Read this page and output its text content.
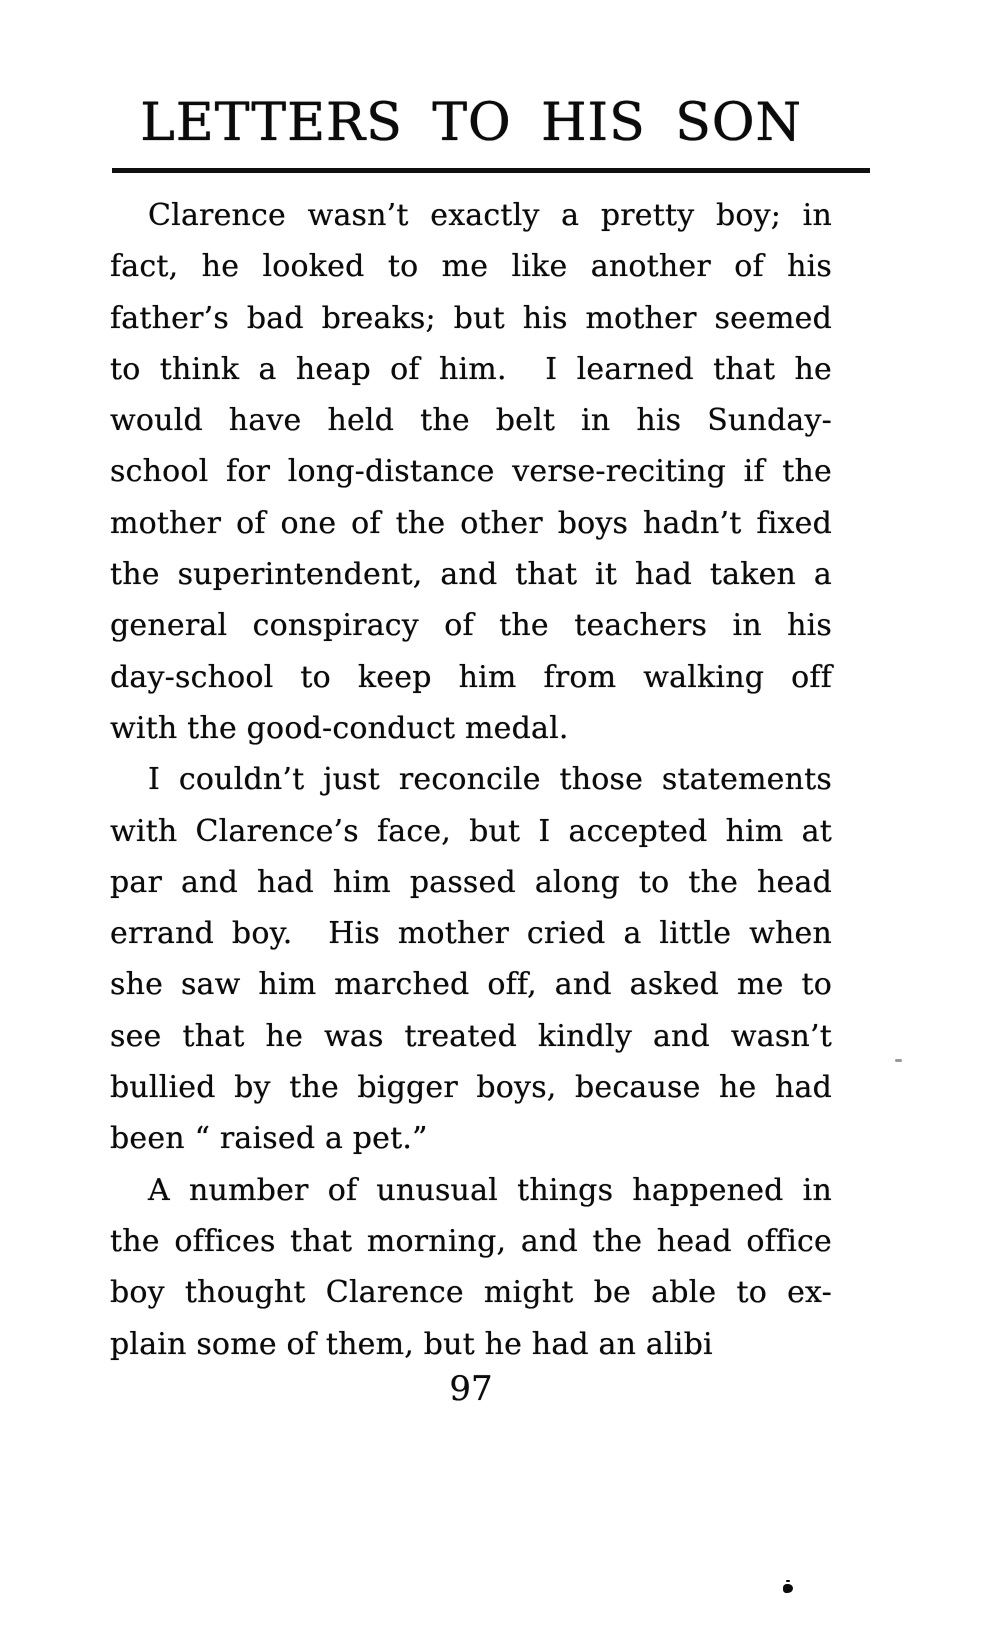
LETTERS TO HIS SON
Clarence wasn’t exactly a pretty boy; in
fact, he looked to me like another of his
father’s bad breaks; but his mother seemed
to think a heap of him.  I learned that he
would have held the belt in his Sunday-
school for long-distance verse-reciting if the
mother of one of the other boys hadn’t fixed
the superintendent, and that it had taken a
general conspiracy of the teachers in his
day-school to keep him from walking off
with the good-conduct medal.
I couldn’t just reconcile those statements
with Clarence’s face, but I accepted him at
par and had him passed along to the head
errand boy.  His mother cried a little when
she saw him marched off, and asked me to
see that he was treated kindly and wasn’t
bullied by the bigger boys, because he had
been “ raised a pet.”
A number of unusual things happened in
the offices that morning, and the head office
boy thought Clarence might be able to ex-
plain some of them, but he had an alibi
97
